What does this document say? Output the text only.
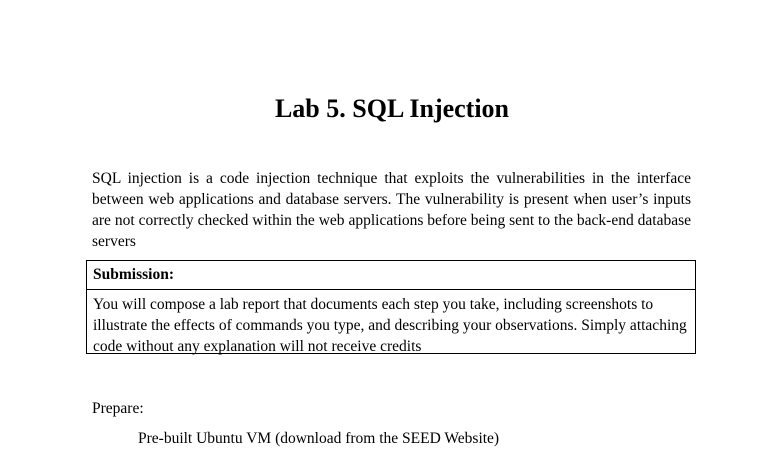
Lab 5. SQL Injection

SQL injection is a code injection technique that exploits the vulnerabilities in the interface between web applications and database servers. The vulnerability is present when user’s inputs are not correctly checked within the web applications before being sent to the back-end database servers

Submission:

You will compose a lab report that documents each step you take, including screenshots to illustrate the effects of commands you type, and describing your observations. Simply attaching code without any explanation will not receive credits

Prepare:

Pre-built Ubuntu VM (download from the SEED Website)
